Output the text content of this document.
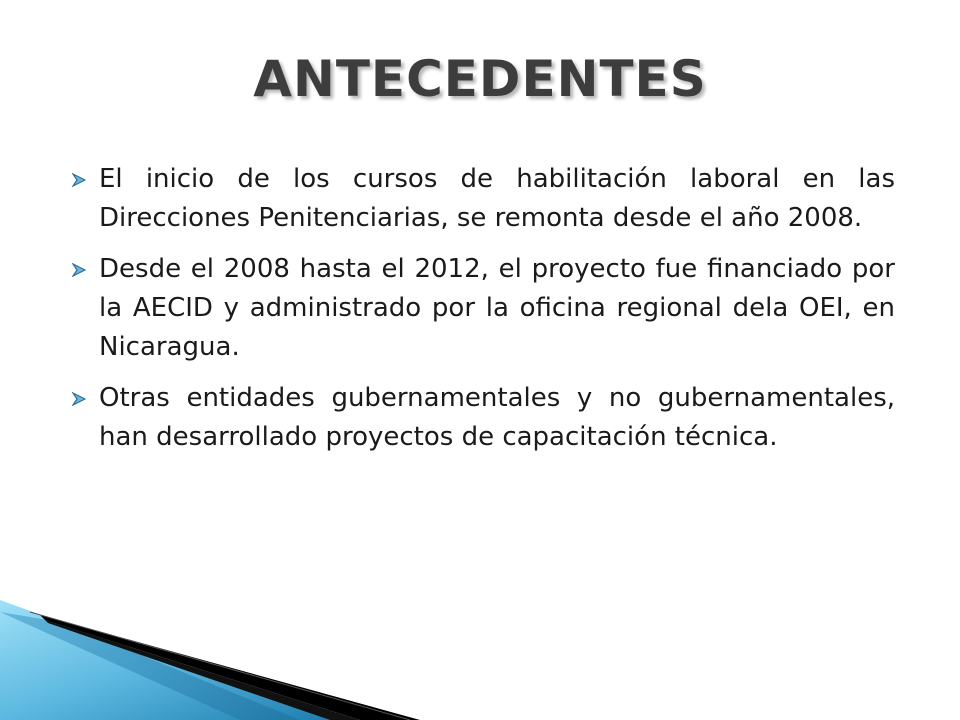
ANTECEDENTES
El inicio de los cursos de habilitación laboral en las Direcciones Penitenciarias, se remonta desde el año 2008.
Desde el 2008 hasta el 2012, el proyecto fue financiado por la AECID y administrado por la oficina regional dela OEI, en Nicaragua.
Otras entidades gubernamentales y no gubernamentales, han desarrollado proyectos de capacitación técnica.
